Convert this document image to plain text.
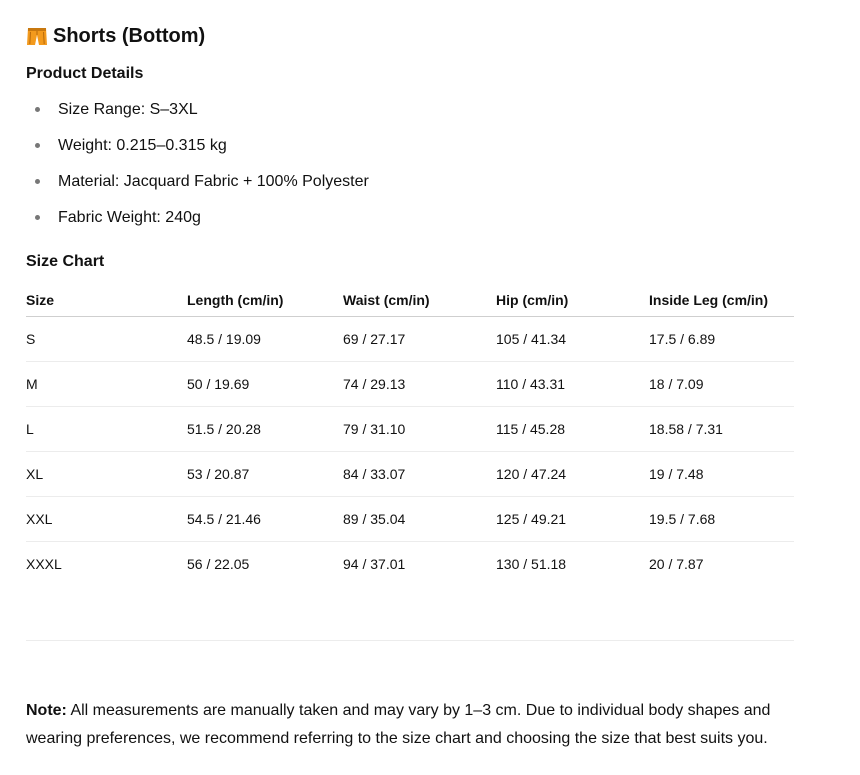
Shorts (Bottom)
Product Details
Size Range: S–3XL
Weight: 0.215–0.315 kg
Material: Jacquard Fabric + 100% Polyester
Fabric Weight: 240g
Size Chart
Size	Length (cm/in)	Waist (cm/in)	Hip (cm/in)	Inside Leg (cm/in)
S	48.5 / 19.09	69 / 27.17	105 / 41.34	17.5 / 6.89
M	50 / 19.69	74 / 29.13	110 / 43.31	18 / 7.09
L	51.5 / 20.28	79 / 31.10	115 / 45.28	18.58 / 7.31
XL	53 / 20.87	84 / 33.07	120 / 47.24	19 / 7.48
XXL	54.5 / 21.46	89 / 35.04	125 / 49.21	19.5 / 7.68
XXXL	56 / 22.05	94 / 37.01	130 / 51.18	20 / 7.87

Note: All measurements are manually taken and may vary by 1–3 cm. Due to individual body shapes and wearing preferences, we recommend referring to the size chart and choosing the size that best suits you.
